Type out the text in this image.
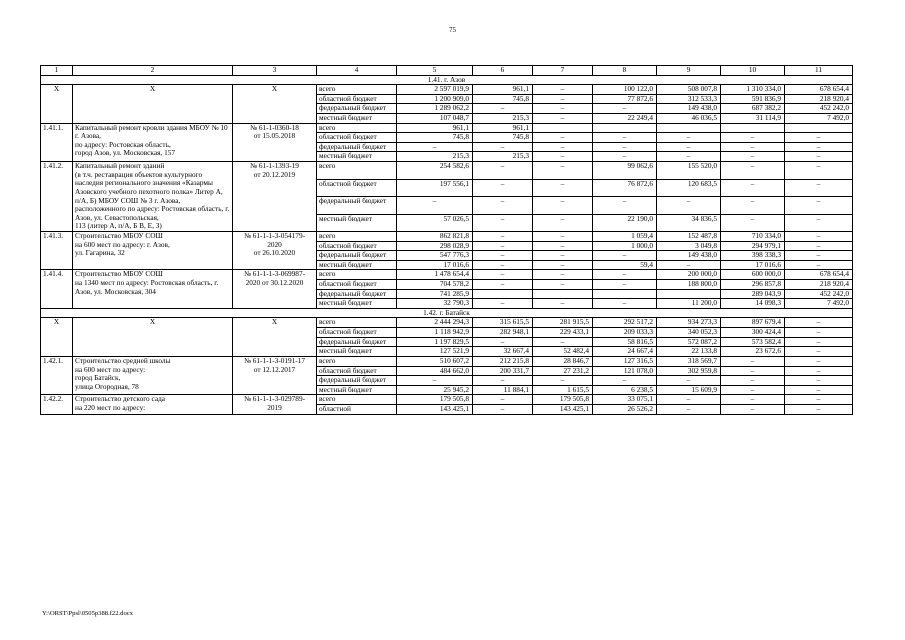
75
1	2	3	4	5	6	7	8	9	10	11
1.41. г. Азов										
X	X	X	всего	2 597 019,9	961,1	–	100 122,0	508 007,8	1 310 334,0	678 654,4
			областной бюджет	1 200 909,0	745,8	–	77 872,6	312 533,3	591 836,9	218 920,4
			федеральный бюджет	1 289 062,2	–	–	–	149 438,0	687 382,2	452 242,0
			местный бюджет	107 048,7	215,3	–	22 249,4	46 036,5	31 114,9	7 492,0
1.41.1.	Капитальный ремонт кровли здания МБОУ № 10 г. Азова,
по адресу: Ростовская область,
город Азов, ул. Московская, 157	№ 61-1-0360-18
от 15.05.2018	всего	961,1	961,1					
			областной бюджет	745,8	745,8	–	–	–	–	–
			федеральный бюджет	–	–	–	–	–	–	–
			местный бюджет	215,3	215,3	–	–	–	–	–
1.41.2.	Капитальный ремонт зданий
(в т.ч. реставрация объектов культурного наследия регионального значения «Казармы Азовского учебного пехотного полка» Литер А,
п/А, Б) МБОУ СОШ № 3 г. Азова, расположенного по адресу: Ростовская область, г. Азов, ул. Севастопольская,
113 (литер А, п/А, Б В, Е, З)	№ 61-1-1393-19
от 20.12.2019	всего	254 582,6	–	–	99 062,6	155 520,0	–	–
			областной бюджет	197 556,1	–	–	76 872,6	120 683,5	–	–
			федеральный бюджет	–	–	–	–	–	–	–
			местный бюджет	57 026,5	–	–	22 190,0	34 836,5	–	–
1.41.3.	Строительство МБОУ СОШ
на 600 мест по адресу: г. Азов,
ул. Гагарина, 32	№ 61-1-1-3-054179-
2020
от 26.10.2020	всего	862 821,8	–	–	1 059,4	152 487,8	710 334,0	–
			областной бюджет	298 028,9	–	–	1 000,0	3 049,8	294 979,1	–
			федеральный бюджет	547 776,3	–	–	–	149 438,0	398 338,3	–
			местный бюджет	17 016,6	–	–	59,4	–	17 016,6	–
1.41.4.	Строительство МБОУ СОШ
на 1340 мест по адресу: Ростовская область, г. Азов, ул. Московская, 304	№ 61-1-1-3-069987-
2020 от 30.12.2020	всего	1 478 654,4	–	–	–	200 000,0	600 000,0	678 654,4
			областной бюджет	704 578,2	–	–	–	188 800,0	296 857,8	218 920,4
			федеральный бюджет	741 285,9					289 043,9	452 242,0
			местный бюджет	32 790,3	–	–	–	11 200,0	14 098,3	7 492,0
1.42. г. Батайск										
X	X	X	всего	2 444 294,3	315 615,5	281 915,5	292 517,2	934 273,3	897 679,4	–
			областной бюджет	1 118 942,9	282 948,1	229 433,1	209 033,3	340 052,3	300 424,4	–
			федеральный бюджет	1 197 829,5	–	–	58 816,5	572 087,2	573 582,4	–
			местный бюджет	127 521,9	32 667,4	52 482,4	24 667,4	22 133,8	23 672,6	–
1.42.1.	Строительство средней школы
на 600 мест по адресу:
город Батайск,
улица Огородная, 78	№ 61-1-1-3-0191-17
от 12.12.2017	всего	510 607,2	212 215,8	28 846,7	127 316,5	318 569,7	–	–
			областной бюджет	484 662,0	200 331,7	27 231,2	121 078,0	302 959,8	–	–
			федеральный бюджет	–	–	–	–	–	–	–
			местный бюджет	25 945,2	11 884,1	1 615,5	6 238,5	15 609,9	–	–
1.42.2.	Строительство детского сада
на 220 мест по адресу:	№ 61-1-1-3-029789-
2019	всего	179 505,8	–	179 505,8	33 075,1	–	–	–
			областной	143 425,1	–	143 425,1	26 526,2	–	–	–
Y:\ORST\Ppsl\0505p388.f22.docx
